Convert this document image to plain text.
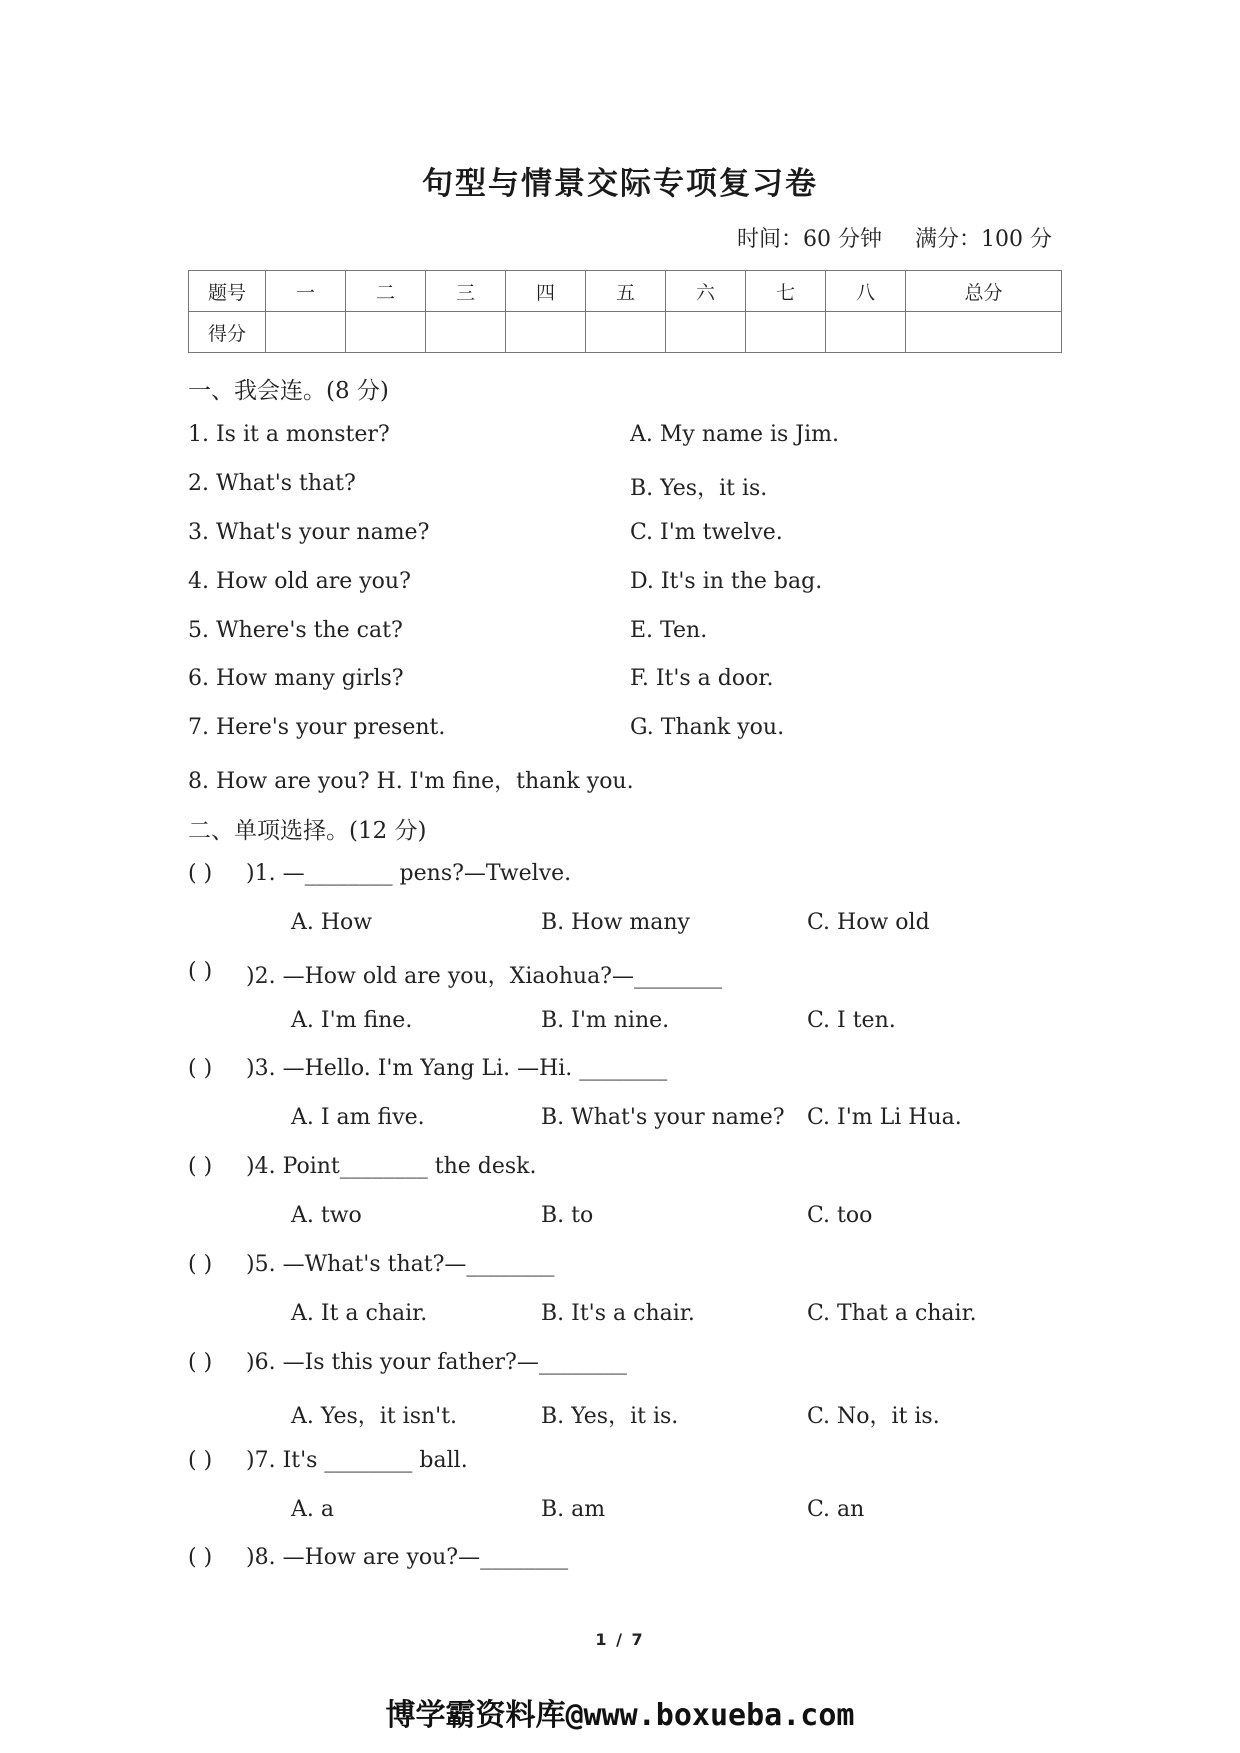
句型与情景交际专项复习卷
时间：60 分钟 满分：100 分
题号	一	二	三	四	五	六	七	八	总分
得分									
一、我会连。(8 分)
1. Is it a monster?	A. My name is Jim.
2. What's that?	B. Yes，it is.
3. What's your name?	C. I'm twelve.
4. How old are you?	D. It's in the bag.
5. Where's the cat?	E. Ten.
6. How many girls?	F. It's a door.
7. Here's your present.	G. Thank you.
8. How are you? H. I'm fine，thank you.
二、单项选择。(12 分)
( ) )1. —________ pens?—Twelve.
A. How	B. How many	C. How old
( ) )2. —How old are you，Xiaohua?—________
A. I'm fine.	B. I'm nine.	C. I ten.
( ) )3. —Hello. I'm Yang Li. —Hi. ________
A. I am five.	B. What's your name? C. I'm Li Hua.
( ) )4. Point________ the desk.
A. two	B. to	C. too
( ) )5. —What's that?—________
A. It a chair.	B. It's a chair.	C. That a chair.
( ) )6. —Is this your father?—________
A. Yes，it isn't.	B. Yes，it is.	C. No，it is.
( ) )7. It's ________ ball.
A. a	B. am	C. an
( ) )8. —How are you?—________
1 / 7
博学霸资料库@www.boxueba.com
